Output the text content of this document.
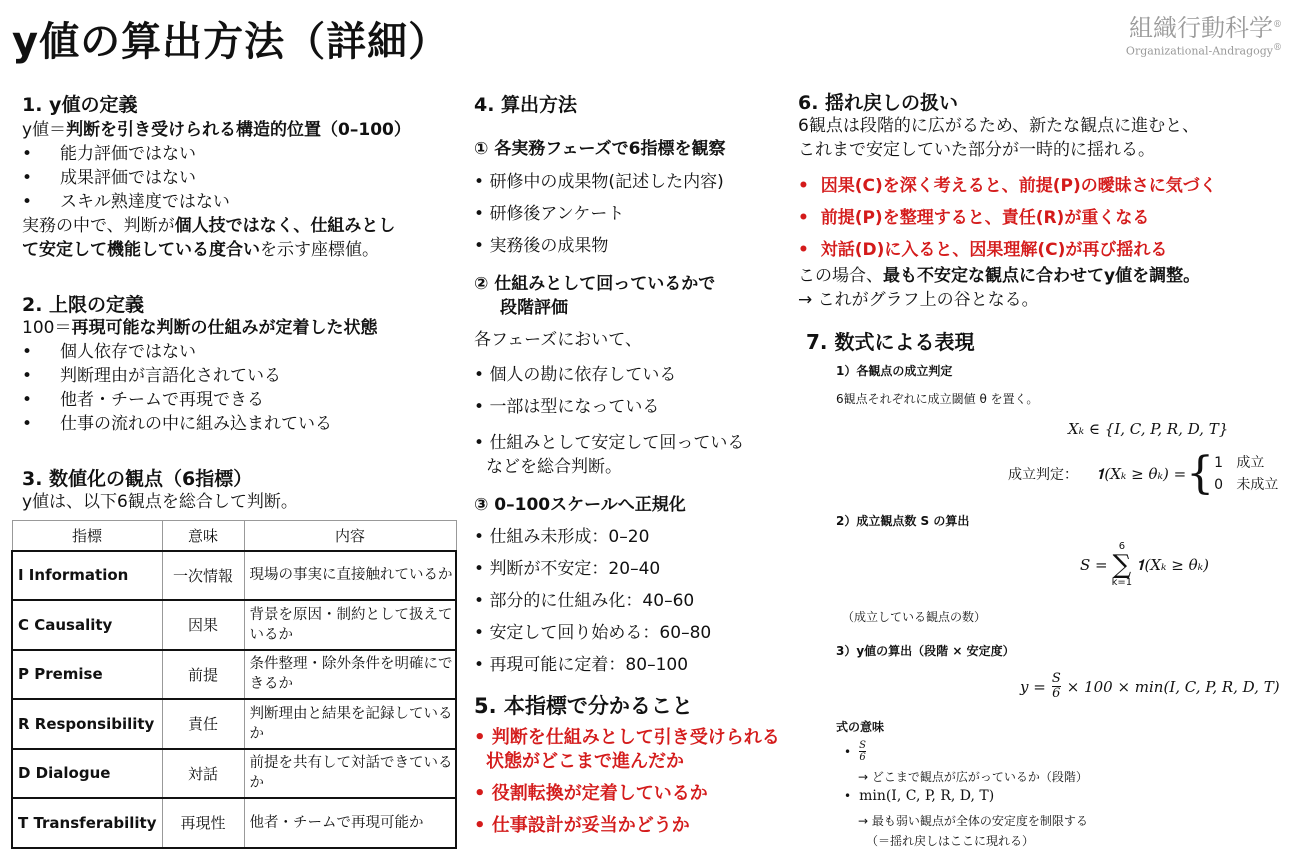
y値の算出方法（詳細）	組織行動科学®
Organizational-Andragogy®
1. y値の定義
y値＝判断を引き受けられる構造的位置（0–100）
•	能力評価ではない
•	成果評価ではない
•	スキル熟達度ではない
実務の中で、判断が個人技ではなく、仕組みとし
て安定して機能している度合いを示す座標値。
2. 上限の定義
100＝再現可能な判断の仕組みが定着した状態
•	個人依存ではない
•	判断理由が言語化されている
•	他者・チームで再現できる
•	仕事の流れの中に組み込まれている
3. 数値化の観点（6指標）
y値は、以下6観点を総合して判断。
指標	意味	内容
I Information	一次情報	現場の事実に直接触れているか
C Causality	因果	背景を原因・制約として扱えているか
P Premise	前提	条件整理・除外条件を明確にできるか
R Responsibility	責任	判断理由と結果を記録しているか
D Dialogue	対話	前提を共有して対話できているか
T Transferability	再現性	他者・チームで再現可能か
4. 算出方法
① 各実務フェーズで6指標を観察
• 研修中の成果物(記述した内容)
• 研修後アンケート
• 実務後の成果物
② 仕組みとして回っているかで
段階評価
各フェーズにおいて、
• 個人の勘に依存している
• 一部は型になっている
• 仕組みとして安定して回っている
などを総合判断。
③ 0–100スケールへ正規化
• 仕組み未形成：0–20
• 判断が不安定：20–40
• 部分的に仕組み化：40–60
• 安定して回り始める：60–80
• 再現可能に定着：80–100
5. 本指標で分かること
• 判断を仕組みとして引き受けられる
状態がどこまで進んだか
• 役割転換が定着しているか
• 仕事設計が妥当かどうか
6. 揺れ戻しの扱い
6観点は段階的に広がるため、新たな観点に進むと、
これまで安定していた部分が一時的に揺れる。
•  因果(C)を深く考えると、前提(P)の曖昧さに気づく
•  前提(P)を整理すると、責任(R)が重くなる
•  対話(D)に入ると、因果理解(C)が再び揺れる
この場合、最も不安定な観点に合わせてy値を調整。
→ これがグラフ上の谷となる。
7. 数式による表現
1）各観点の成立判定
6観点それぞれに成立閾値 θ を置く。
Xₖ ∈ {I, C, P, R, D, T}
成立判定： 𝟏(Xₖ ≥ θₖ) = { 1 成立
0 未成立
2）成立観点数 S の算出
S =
6
∑
k=1
𝟏(Xₖ ≥ θₖ)
（成立している観点の数）
3）y値の算出（段階 × 安定度）
$y = \frac{S}{6} \times 100 \times \min(I$, C, P, R, D, T)
式の意味
• $\frac{S}{6}$
→ どこまで観点が広がっているか（段階）
• min(I, C, P, R, D, T)
→ 最も弱い観点が全体の安定度を制限する
（＝揺れ戻しはここに現れる）
